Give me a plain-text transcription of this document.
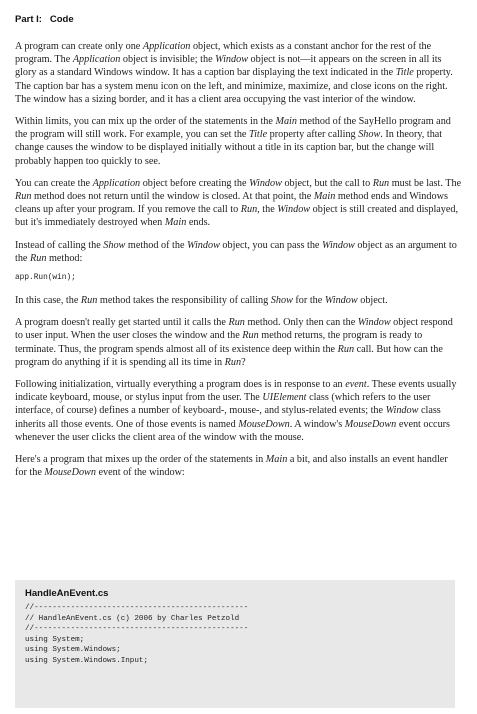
Part I: Code

A program can create only one Application object, which exists as a constant anchor for the rest of the program. The Application object is invisible; the Window object is not—it appears on the screen in all its glory as a standard Windows window. It has a caption bar displaying the text indicated in the Title property. The caption bar has a system menu icon on the left, and minimize, maximize, and close icons on the right. The window has a sizing border, and it has a client area occupying the vast interior of the window.

Within limits, you can mix up the order of the statements in the Main method of the SayHello program and the program will still work. For example, you can set the Title property after calling Show. In theory, that change causes the window to be displayed initially without a title in its caption bar, but the change will probably happen too quickly to see.

You can create the Application object before creating the Window object, but the call to Run must be last. The Run method does not return until the window is closed. At that point, the Main method ends and Windows cleans up after your program. If you remove the call to Run, the Window object is still created and displayed, but it's immediately destroyed when Main ends.

Instead of calling the Show method of the Window object, you can pass the Window object as an argument to the Run method:

app.Run(win);

In this case, the Run method takes the responsibility of calling Show for the Window object.

A program doesn't really get started until it calls the Run method. Only then can the Window object respond to user input. When the user closes the window and the Run method returns, the program is ready to terminate. Thus, the program spends almost all of its existence deep within the Run call. But how can the program do anything if it is spending all its time in Run?

Following initialization, virtually everything a program does is in response to an event. These events usually indicate keyboard, mouse, or stylus input from the user. The UIElement class (which refers to the user interface, of course) defines a number of keyboard-, mouse-, and stylus-related events; the Window class inherits all those events. One of those events is named MouseDown. A window's MouseDown event occurs whenever the user clicks the client area of the window with the mouse.

Here's a program that mixes up the order of the statements in Main a bit, and also installs an event handler for the MouseDown event of the window:

HandleAnEvent.cs
//-----------------------------------------------
// HandleAnEvent.cs (c) 2006 by Charles Petzold
//-----------------------------------------------
using System;
using System.Windows;
using System.Windows.Input;
